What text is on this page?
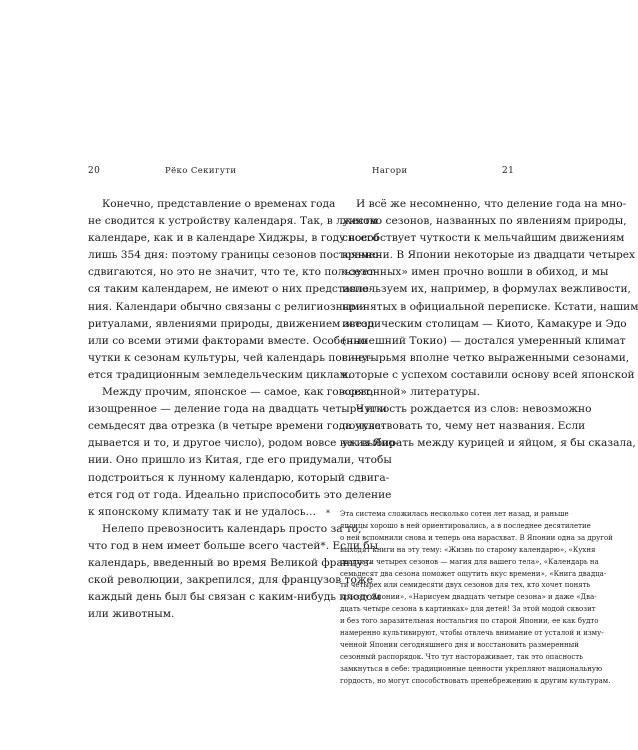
20	Рёко Секигути
Конечно, представление о временах года
не сводится к устройству календаря. Так, в лунном
календаре, как и в календаре Хиджры, в году всего
лишь 354 дня: поэтому границы сезонов постоянно
сдвигаются, но это не значит, что те, кто пользует-
ся таким календарем, не имеют о них представле-
ния. Календари обычно связаны с религиозными
ритуалами, явлениями природы, движением звезд
или со всеми этими факторами вместе. Особенно
чутки к сезонам культуры, чей календарь повину-
ется традиционным земледельческим циклам.
Между прочим, японское — самое, как говорят,
изощренное — деление года на двадцать четыре или
семьдесят два отрезка (в четыре времени года укла-
дывается и то, и другое число), родом вовсе не из Япо-
нии. Оно пришло из Китая, где его придумали, чтобы
подстроиться к лунному календарю, который сдвига-
ется год от года. Идеально приспособить это деление
к японскому климату так и не удалось…
Нелепо превозносить календарь просто за то,
что год в нем имеет больше всего частей*. Если бы
календарь, введенный во время Великой француз-
ской революции, закрепился, для французов тоже
каждый день был бы связан с каким-нибудь плодом
или животным.
Нагори	21
И всё же несомненно, что деление года на мно-
жество сезонов, названных по явлениям природы,
способствует чуткости к мельчайшим движениям
времени. В Японии некоторые из двадцати четырех
«сезонных» имен прочно вошли в обиход, и мы
используем их, например, в формулах вежливости,
принятых в официальной переписке. Кстати, нашим
историческим столицам — Киото, Камакуре и Эдо
(нынешний Токио) — достался умеренный климат
с четырьмя вполне четко выраженными сезонами,
которые с успехом составили основу всей японской
«сезонной» литературы.
Чуткость рождается из слов: невозможно
почувствовать то, чему нет названия. Если
уж выбирать между курицей и яйцом, я бы сказала,
* Эта система сложилась несколько сотен лет назад, и раньше
японцы хорошо в ней ориентировались, а в последнее десятилетие
о ней вспомнили снова и теперь она нарасхват. В Японии одна за другой
выходят книги на эту тему: «Жизнь по старому календарю», «Кухня
двадцати четырех сезонов — магия для вашего тела», «Календарь на
семьдесят два сезона поможет ощутить вкус времени», «Книга двадца-
ти четырех или семидесяти двух сезонов для тех, кто хочет понять
красоту Японии», «Нарисуем двадцать четыре сезона» и даже «Два-
дцать четыре сезона в картинках» для детей! За этой модой сквозит
и без того заразительная ностальгия по старой Японии, ее как будто
намеренно культивируют, чтобы отвлечь внимание от усталой и изму-
ченной Японии сегодняшнего дня и восстановить размеренный
сезонный распорядок. Что тут настораживает, так это опасность
замкнуться в себе: традиционные ценности укрепляют национальную
гордость, но могут способствовать пренебрежению к другим культурам.
